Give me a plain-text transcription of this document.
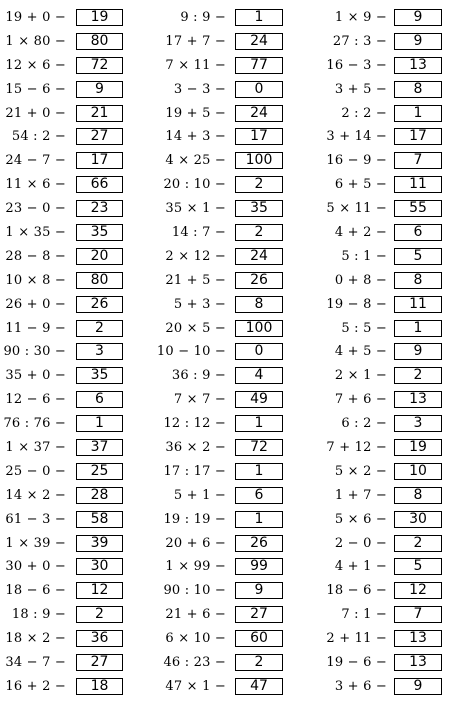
19 + 0 −	19
1 × 80 −	80
12 × 6 −	72
15 − 6 −	9
21 + 0 −	21
54 : 2 −	27
24 − 7 −	17
11 × 6 −	66
23 − 0 −	23
1 × 35 −	35
28 − 8 −	20
10 × 8 −	80
26 + 0 −	26
11 − 9 −	2
90 : 30 −	3
35 + 0 −	35
12 − 6 −	6
76 : 76 −	1
1 × 37 −	37
25 − 0 −	25
14 × 2 −	28
61 − 3 −	58
1 × 39 −	39
30 + 0 −	30
18 − 6 −	12
18 : 9 −	2
18 × 2 −	36
34 − 7 −	27
16 + 2 −	18
9 : 9 −	1
17 + 7 −	24
7 × 11 −	77
3 − 3 −	0
19 + 5 −	24
14 + 3 −	17
4 × 25 −	100
20 : 10 −	2
35 × 1 −	35
14 : 7 −	2
2 × 12 −	24
21 + 5 −	26
5 + 3 −	8
20 × 5 −	100
10 − 10 −	0
36 : 9 −	4
7 × 7 −	49
12 : 12 −	1
36 × 2 −	72
17 : 17 −	1
5 + 1 −	6
19 : 19 −	1
20 + 6 −	26
1 × 99 −	99
90 : 10 −	9
21 + 6 −	27
6 × 10 −	60
46 : 23 −	2
47 × 1 −	47
1 × 9 −	9
27 : 3 −	9
16 − 3 −	13
3 + 5 −	8
2 : 2 −	1
3 + 14 −	17
16 − 9 −	7
6 + 5 −	11
5 × 11 −	55
4 + 2 −	6
5 : 1 −	5
0 + 8 −	8
19 − 8 −	11
5 : 5 −	1
4 + 5 −	9
2 × 1 −	2
7 + 6 −	13
6 : 2 −	3
7 + 12 −	19
5 × 2 −	10
1 + 7 −	8
5 × 6 −	30
2 − 0 −	2
4 + 1 −	5
18 − 6 −	12
7 : 1 −	7
2 + 11 −	13
19 − 6 −	13
3 + 6 −	9
